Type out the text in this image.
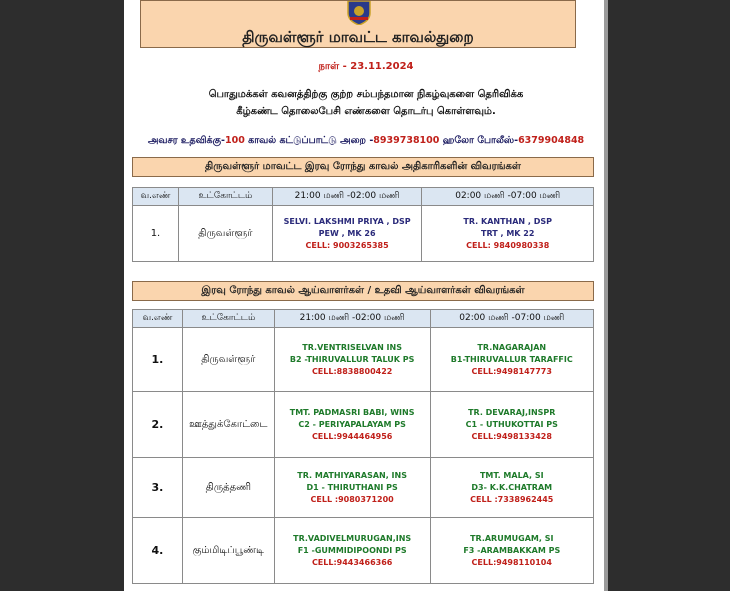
திருவள்ளூர் மாவட்ட காவல்துறை
நாள் - 23.11.2024
பொதுமக்கள் கவனத்திற்கு குற்ற சம்பந்தமான நிகழ்வுகளை தெரிவிக்க
கீழ்கண்ட தொலைபேசி எண்களை தொடர்பு கொள்ளவும்.
அவசர உதவிக்கு-100 காவல் கட்டுப்பாட்டு அறை -8939738100 ஹலோ போலீஸ்-6379904848
திருவள்ளூர் மாவட்ட இரவு ரோந்து காவல் அதிகாரிகளின் விவரங்கள்
வ.எண்	உட்கோட்டம்	21:00 மணி -02:00 மணி	02:00 மணி -07:00 மணி
1.	திருவள்ளூர்	SELVI. LAKSHMI PRIYA , DSP
PEW , MK 26
CELL: 9003265385	TR. KANTHAN , DSP
TRT , MK 22
CELL: 9840980338
இரவு ரோந்து காவல் ஆய்வாளர்கள் / உதவி ஆய்வாளர்கள் விவரங்கள்
வ.எண்	உட்கோட்டம்	21:00 மணி -02:00 மணி	02:00 மணி -07:00 மணி
1.	திருவள்ளூர்	TR.VENTRISELVAN INS
B2 -THIRUVALLUR TALUK PS
CELL:8838800422	TR.NAGARAJAN
B1-THIRUVALLUR TARAFFIC
CELL:9498147773

2.	ஊத்துக்கோட்டை	TMT. PADMASRI BABI, WINS
C2 - PERIYAPALAYAM PS
CELL:9944464956	TR. DEVARAJ,INSPR
C1 - UTHUKOTTAI PS
CELL:9498133428

3.	திருத்தணி	TR. MATHIYARASAN, INS
D1 - THIRUTHANI PS
CELL :9080371200	TMT. MALA, SI
D3- K.K.CHATRAM
CELL :7338962445

4.	கும்மிடிப்பூண்டி	TR.VADIVELMURUGAN,INS
F1 -GUMMIDIPOONDI PS
CELL:9443466366	TR.ARUMUGAM, SI
F3 -ARAMBAKKAM PS
CELL:9498110104
